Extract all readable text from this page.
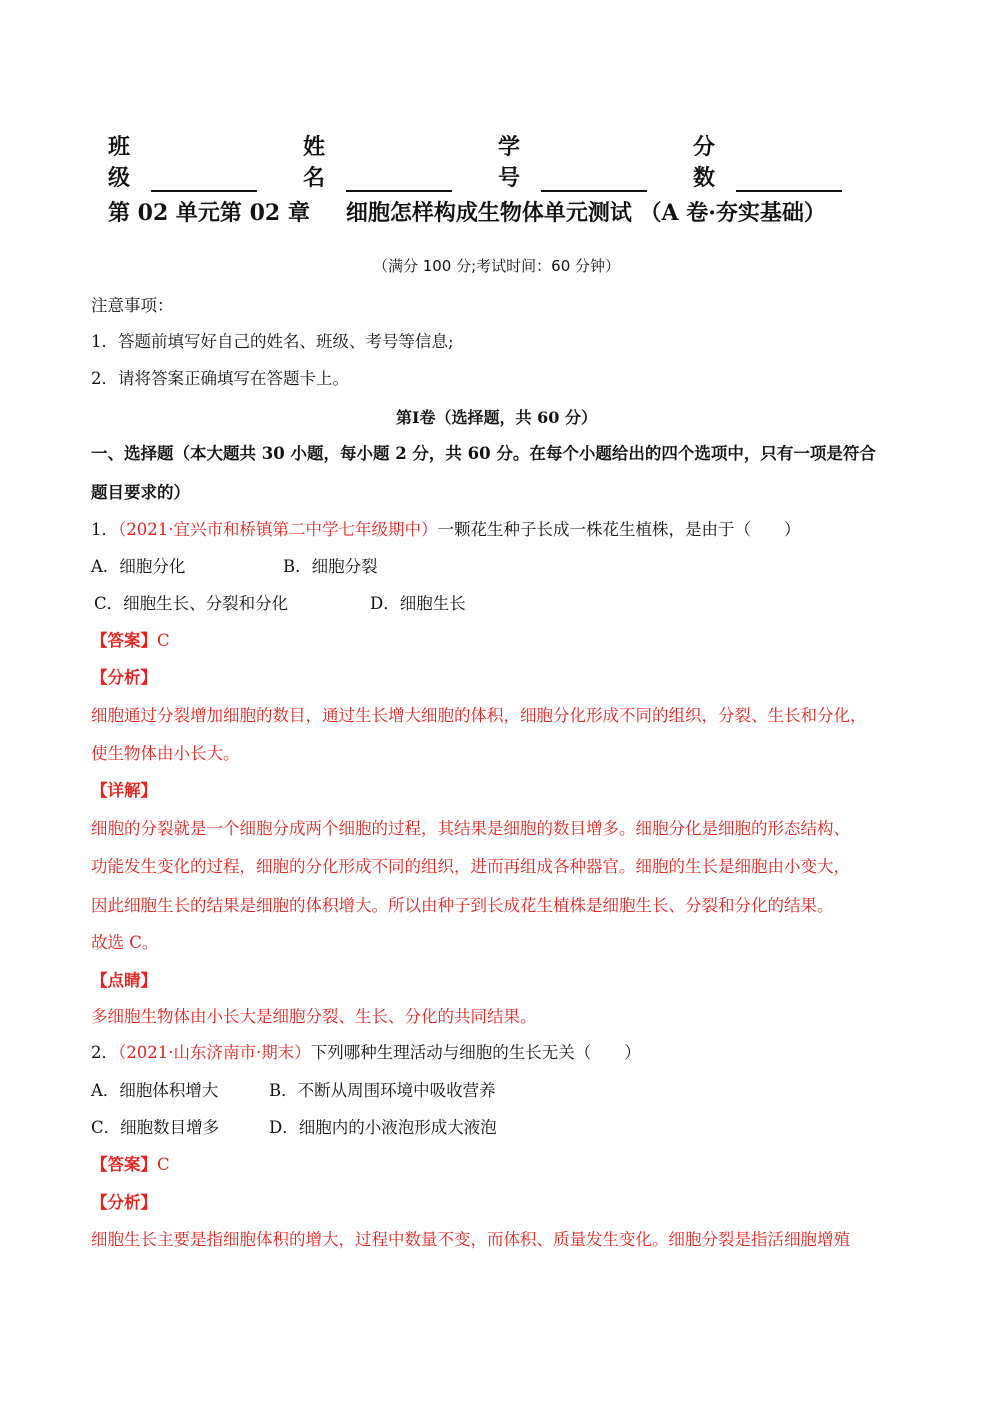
班级
姓名
学号
分数
第 02 单元第 02 章 细胞怎样构成生物体单元测试 （A 卷·夯实基础）
（满分 100 分;考试时间：60 分钟）
注意事项：
1．答题前填写好自己的姓名、班级、考号等信息;
2．请将答案正确填写在答题卡上。
第Ⅰ卷（选择题，共 60 分）
一、选择题（本大题共 30 小题，每小题 2 分，共 60 分。在每个小题给出的四个选项中，只有一项是符合
题目要求的）
1．（2021·宜兴市和桥镇第二中学七年级期中）一颗花生种子长成一株花生植株，是由于（　　）
A．细胞分化	B．细胞分裂
C．细胞生长、分裂和分化	D．细胞生长
【答案】C
【分析】
细胞通过分裂增加细胞的数目，通过生长增大细胞的体积，细胞分化形成不同的组织，分裂、生长和分化，
使生物体由小长大。
【详解】
细胞的分裂就是一个细胞分成两个细胞的过程，其结果是细胞的数目增多。细胞分化是细胞的形态结构、
功能发生变化的过程，细胞的分化形成不同的组织，进而再组成各种器官。细胞的生长是细胞由小变大，
因此细胞生长的结果是细胞的体积增大。所以由种子到长成花生植株是细胞生长、分裂和分化的结果。
故选 C。
【点睛】
多细胞生物体由小长大是细胞分裂、生长、分化的共同结果。
2．（2021·山东济南市·期末）下列哪种生理活动与细胞的生长无关（　　）
A．细胞体积增大	B．不断从周围环境中吸收营养
C．细胞数目增多	D．细胞内的小液泡形成大液泡
【答案】C
【分析】
细胞生长主要是指细胞体积的增大，过程中数量不变，而体积、质量发生变化。细胞分裂是指活细胞增殖
